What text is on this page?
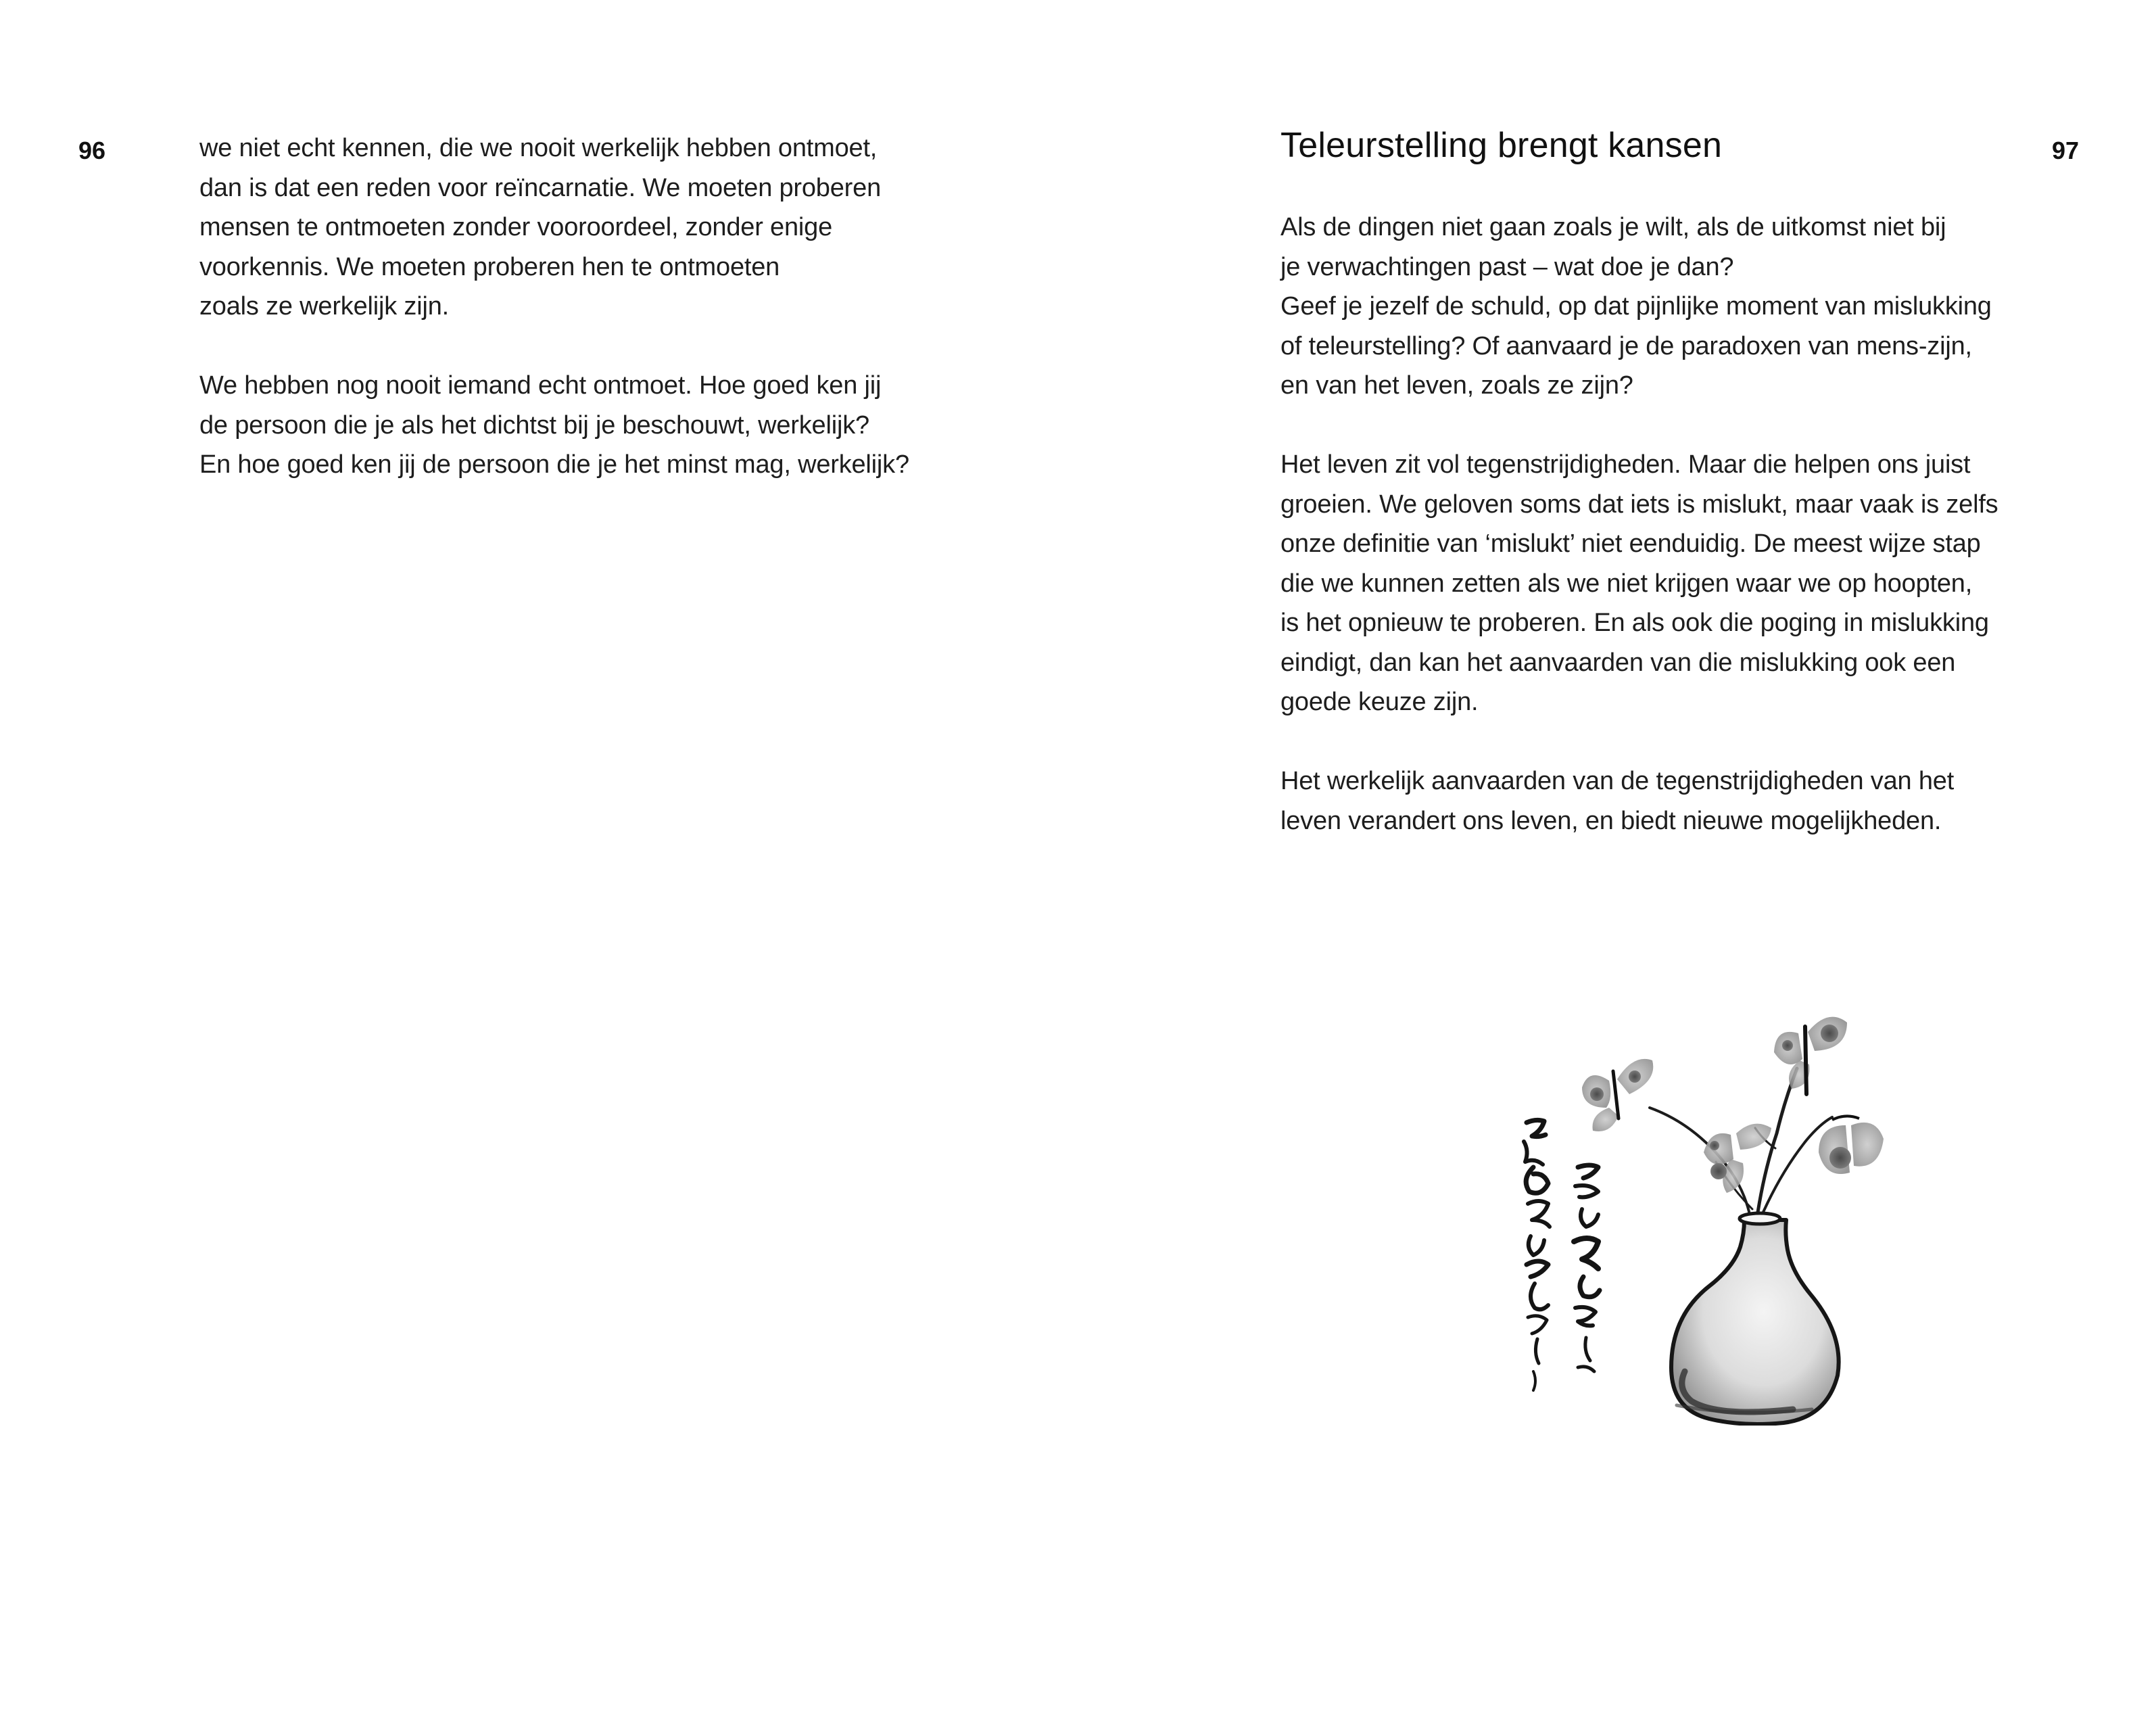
96	we niet echt kennen, die we nooit werkelijk hebben ontmoet,
dan is dat een reden voor reïncarnatie. We moeten proberen
mensen te ontmoeten zonder vooroordeel, zonder enige
voorkennis. We moeten proberen hen te ontmoeten
zoals ze werkelijk zijn.

We hebben nog nooit iemand echt ontmoet. Hoe goed ken jij
de persoon die je als het dichtst bij je beschouwt, werkelijk?
En hoe goed ken jij de persoon die je het minst mag, werkelijk?

97
Teleurstelling brengt kansen

Als de dingen niet gaan zoals je wilt, als de uitkomst niet bij
je verwachtingen past – wat doe je dan?
Geef je jezelf de schuld, op dat pijnlijke moment van mislukking
of teleurstelling? Of aanvaard je de paradoxen van mens-zijn,
en van het leven, zoals ze zijn?

Het leven zit vol tegenstrijdigheden. Maar die helpen ons juist
groeien. We geloven soms dat iets is mislukt, maar vaak is zelfs
onze definitie van ‘mislukt’ niet eenduidig. De meest wijze stap
die we kunnen zetten als we niet krijgen waar we op hoopten,
is het opnieuw te proberen. En als ook die poging in mislukking
eindigt, dan kan het aanvaarden van die mislukking ook een
goede keuze zijn.

Het werkelijk aanvaarden van de tegenstrijdigheden van het
leven verandert ons leven, en biedt nieuwe mogelijkheden.
